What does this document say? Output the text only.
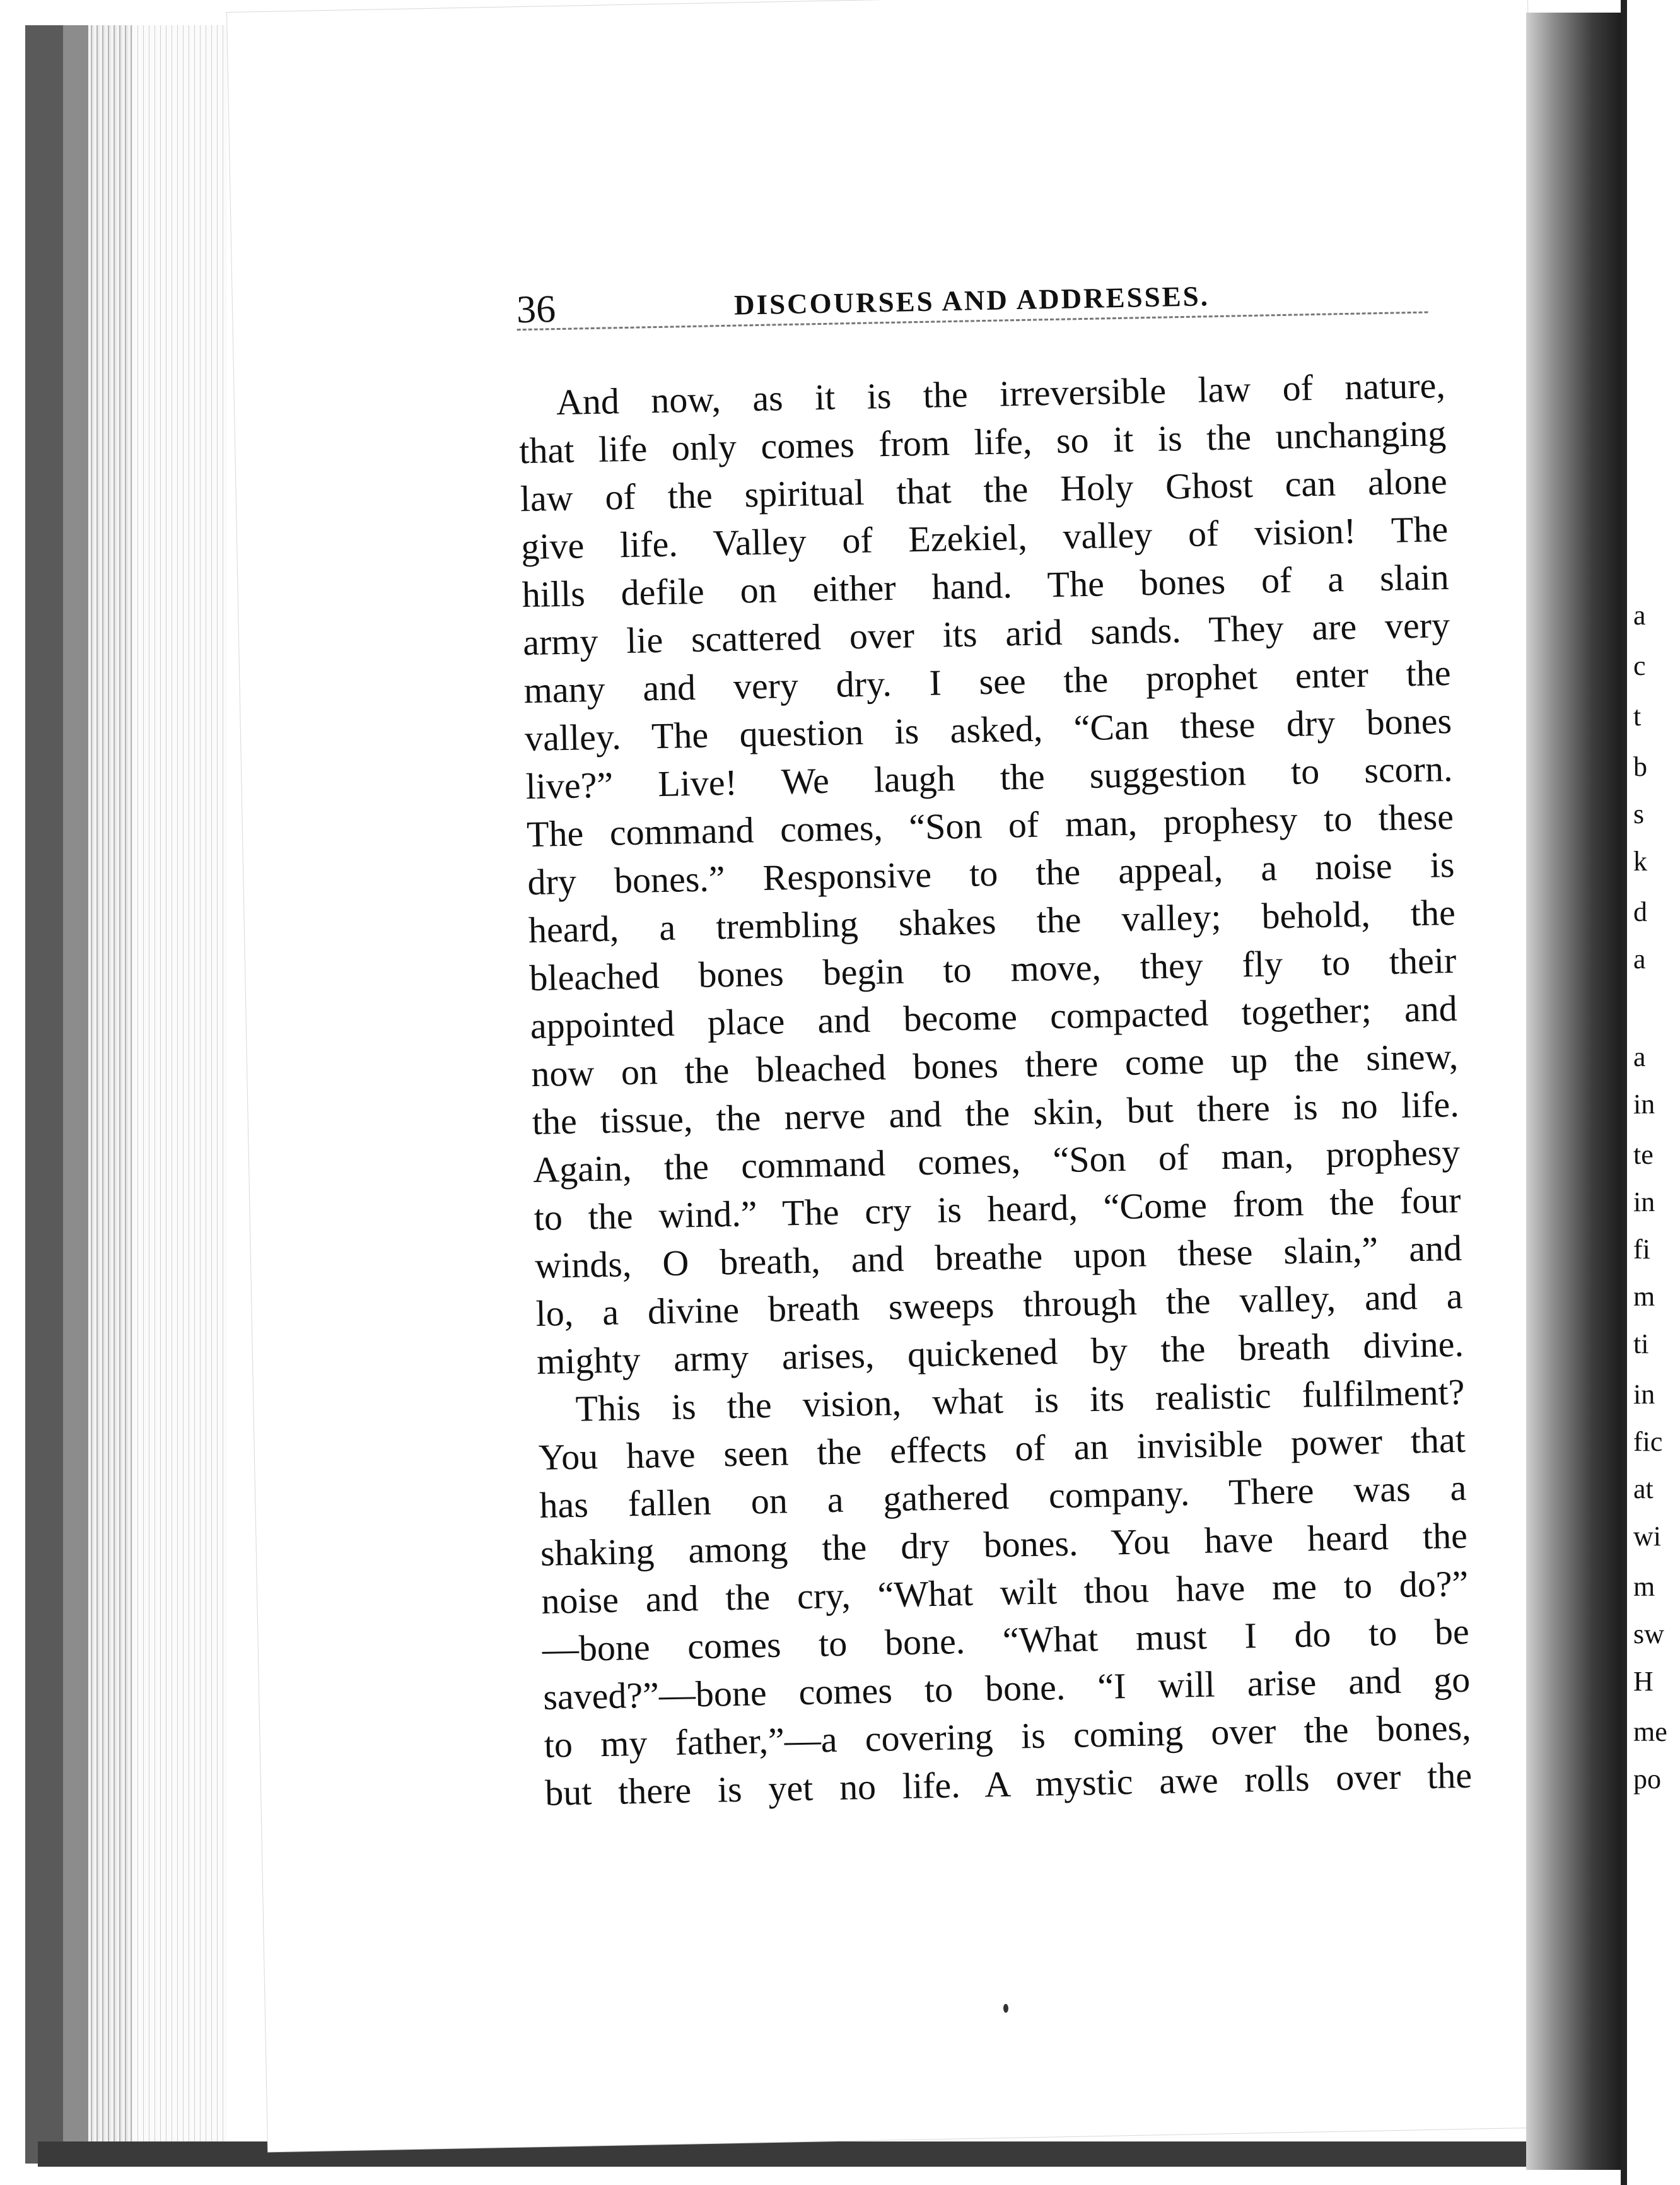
36	DISCOURSES AND ADDRESSES.
And now, as it is the irreversible law of nature,
that life only comes from life, so it is the unchanging
law of the spiritual that the Holy Ghost can alone
give life. Valley of Ezekiel, valley of vision! The
hills defile on either hand. The bones of a slain
army lie scattered over its arid sands. They are very
many and very dry. I see the prophet enter the
valley. The question is asked, “Can these dry bones
live?” Live! We laugh the suggestion to scorn.
The command comes, “Son of man, prophesy to these
dry bones.” Responsive to the appeal, a noise is
heard, a trembling shakes the valley; behold, the
bleached bones begin to move, they fly to their
appointed place and become compacted together; and
now on the bleached bones there come up the sinew,
the tissue, the nerve and the skin, but there is no life.
Again, the command comes, “Son of man, prophesy
to the wind.” The cry is heard, “Come from the four
winds, O breath, and breathe upon these slain,” and
lo, a divine breath sweeps through the valley, and a
mighty army arises, quickened by the breath divine.
This is the vision, what is its realistic fulfilment?
You have seen the effects of an invisible power that
has fallen on a gathered company. There was a
shaking among the dry bones. You have heard the
noise and the cry, “What wilt thou have me to do?”
—bone comes to bone. “What must I do to be
saved?”—bone comes to bone. “I will arise and go
to my father,”—a covering is coming over the bones,
but there is yet no life. A mystic awe rolls over the
a
c
t
b
s
k
d
a
a
in
te
in
fi
m
ti
in
fic
at
wi
m
sw
H
me
po
